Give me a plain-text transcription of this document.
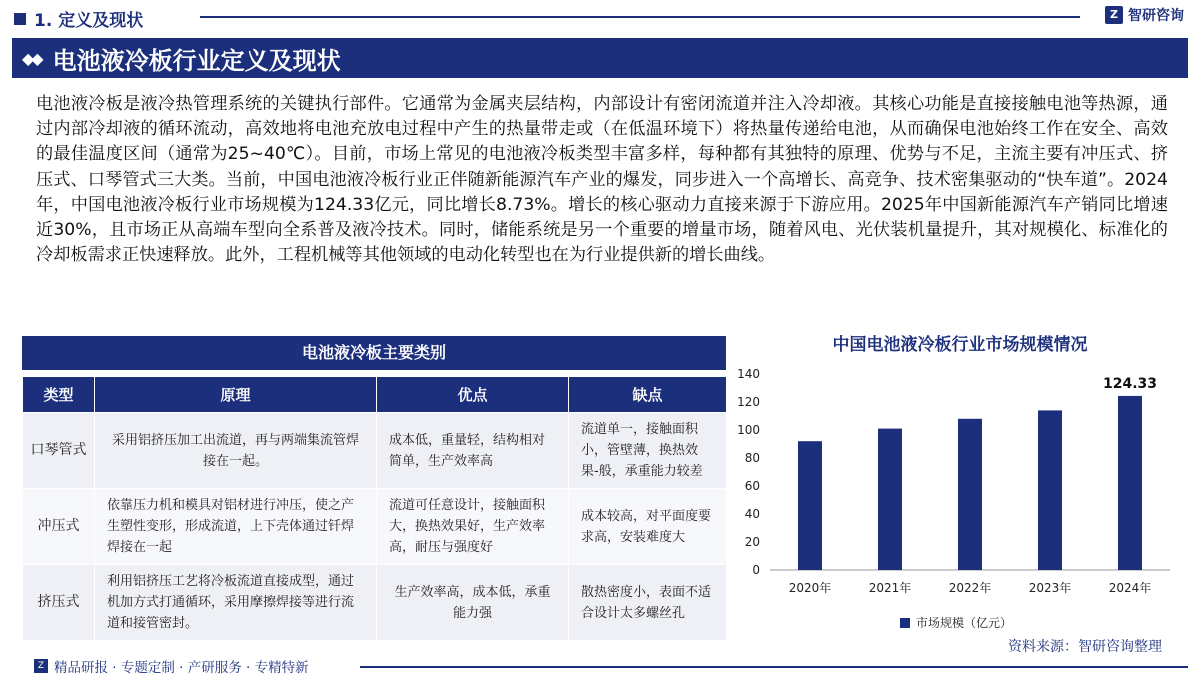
1. 定义及现状	Z 智研咨询
◆◆ 电池液冷板行业定义及现状

电池液冷板是液冷热管理系统的关键执行部件。它通常为金属夹层结构，内部设计有密闭流道并注入冷却液。其核心功能是直接接触电池等热源，通过内部冷却液的循环流动，高效地将电池充放电过程中产生的热量带走或（在低温环境下）将热量传递给电池，从而确保电池始终工作在安全、高效的最佳温度区间（通常为25~40℃）。目前，市场上常见的电池液冷板类型丰富多样，每种都有其独特的原理、优势与不足，主流主要有冲压式、挤压式、口琴管式三大类。当前，中国电池液冷板行业正伴随新能源汽车产业的爆发，同步进入一个高增长、高竞争、技术密集驱动的“快车道”。2024年，中国电池液冷板行业市场规模为124.33亿元，同比增长8.73%。增长的核心驱动力直接来源于下游应用。2025年中国新能源汽车产销同比增速近30%，且市场正从高端车型向全系普及液冷技术。同时，储能系统是另一个重要的增量市场，随着风电、光伏装机量提升，其对规模化、标准化的冷却板需求正快速释放。此外，工程机械等其他领域的电动化转型也在为行业提供新的增长曲线。

电池液冷板主要类别
类型	原理	优点	缺点
口琴管式	采用铝挤压加工出流道，再与两端集流管焊接在一起。	成本低，重量轻，结构相对简单，生产效率高	流道单一，接触面积小，管壁薄，换热效果-般，承重能力较差
冲压式	依靠压力机和模具对铝材进行冲压，使之产生塑性变形，形成流道，上下壳体通过钎焊焊接在一起	流道可任意设计，接触面积大，换热效果好，生产效率高，耐压与强度好	成本较高，对平面度要求高，安装难度大
挤压式	利用铝挤压工艺将冷板流道直接成型，通过机加方式打通循环，采用摩擦焊接等进行流道和接管密封。	生产效率高，成本低，承重能力强	散热密度小，表面不适合设计太多螺丝孔
中国电池液冷板行业市场规模情况
0
20
40
60
80
100
120
140
2020年	2021年	2022年	2023年	2024年
124.33
市场规模（亿元）
资料来源：智研咨询整理
Z 精品研报 · 专题定制 · 产研服务 · 专精特新
